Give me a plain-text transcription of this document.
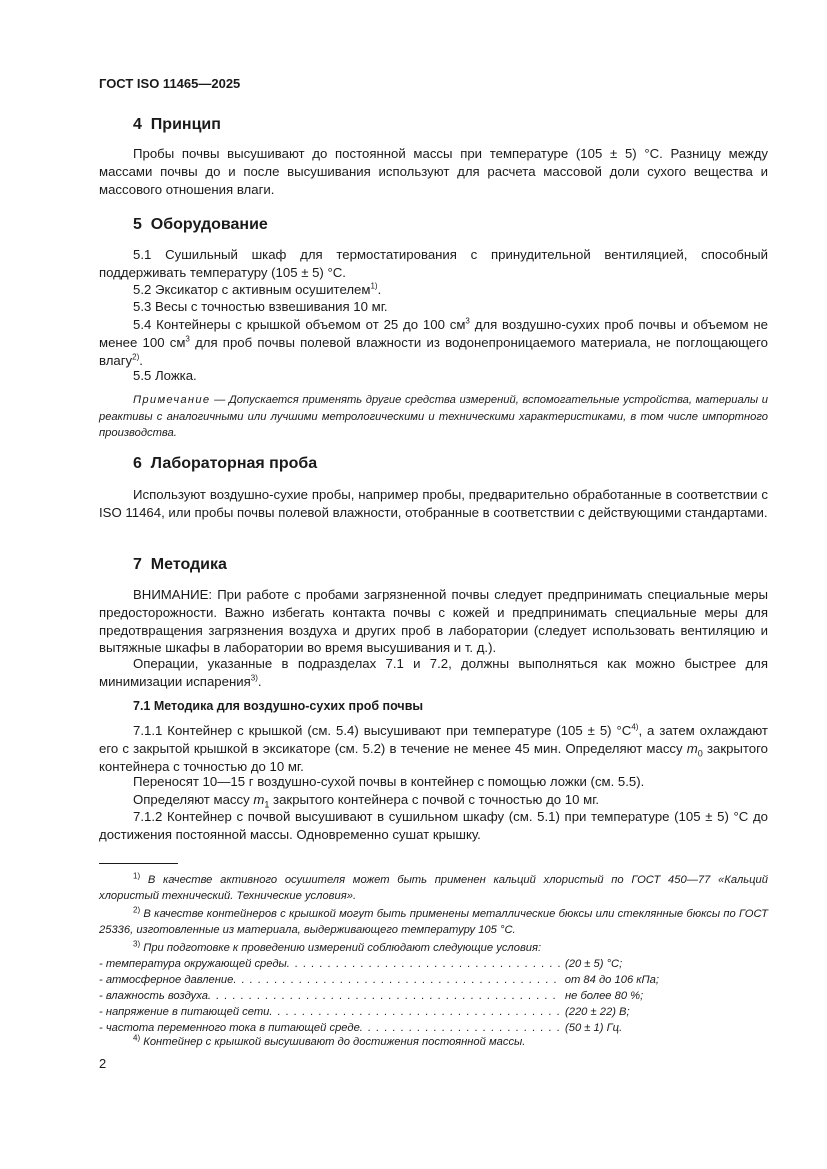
ГОСТ ISO 11465—2025
4 Принцип
Пробы почвы высушивают до постоянной массы при температуре (105 ± 5) °С. Разницу между массами почвы до и после высушивания используют для расчета массовой доли сухого вещества и массового отношения влаги.
5 Оборудование
5.1 Сушильный шкаф для термостатирования с принудительной вентиляцией, способный поддерживать температуру (105 ± 5) °С.
5.2 Эксикатор с активным осушителем$^{1)}$.
5.3 Весы с точностью взвешивания 10 мг.
5.4 Контейнеры с крышкой объемом от 25 до 100 $см^3$ для воздушно-сухих проб почвы и объемом не менее 100 $см^3$ для проб почвы полевой влажности из водонепроницаемого материала, не поглощающего влагу$^{2)}$.
5.5 Ложка.
Примечание — Допускается применять другие средства измерений, вспомогательные устройства, материалы и реактивы с аналогичными или лучшими метрологическими и техническими характеристиками, в том числе импортного производства.
6 Лабораторная проба
Используют воздушно-сухие пробы, например пробы, предварительно обработанные в соответствии с ISO 11464, или пробы почвы полевой влажности, отобранные в соответствии с действующими стандартами.
7 Методика
ВНИМАНИЕ: При работе с пробами загрязненной почвы следует предпринимать специальные меры предосторожности. Важно избегать контакта почвы с кожей и предпринимать специальные меры для предотвращения загрязнения воздуха и других проб в лаборатории (следует использовать вентиляцию и вытяжные шкафы в лаборатории во время высушивания и т. д.).
Операции, указанные в подразделах 7.1 и 7.2, должны выполняться как можно быстрее для минимизации испарения$^{3)}$.
7.1 Методика для воздушно-сухих проб почвы
7.1.1 Контейнер с крышкой (см. 5.4) высушивают при температуре (105 ± 5) $^\circ С^{4)}$, а затем охлаждают его с закрытой крышкой в эксикаторе (см. 5.2) в течение не менее 45 мин. Определяют массу $m_0$ закрытого контейнера с точностью до 10 мг.
Переносят 10—15 г воздушно-сухой почвы в контейнер с помощью ложки (см. 5.5).
Определяют массу $m_1$ закрытого контейнера с почвой с точностью до 10 мг.
7.1.2 Контейнер с почвой высушивают в сушильном шкафу (см. 5.1) при температуре (105 ± 5) °С до достижения постоянной массы. Одновременно сушат крышку.
$^{1)}$ В качестве активного осушителя может быть применен кальций хлористый по ГОСТ 450—77 «Кальций хлористый технический. Технические условия».
$^{2)}$ В качестве контейнеров с крышкой могут быть применены металлические бюксы или стеклянные бюксы по ГОСТ 25336, изготовленные из материала, выдерживающего температуру 105 °С.
$^{3)}$ При подготовке к проведению измерений соблюдают следующие условия:
- температура окружающей среды . . .	(20 ± 5) °С;
- атмосферное давление . . .	от 84 до 106 кПа;
- влажность воздуха . . .	не более 80 %;
- напряжение в питающей сети . . .	(220 ± 22) В;
- частота переменного тока в питающей среде . . .	(50 ± 1) Гц.
$^{4)}$ Контейнер с крышкой высушивают до достижения постоянной массы.
2
